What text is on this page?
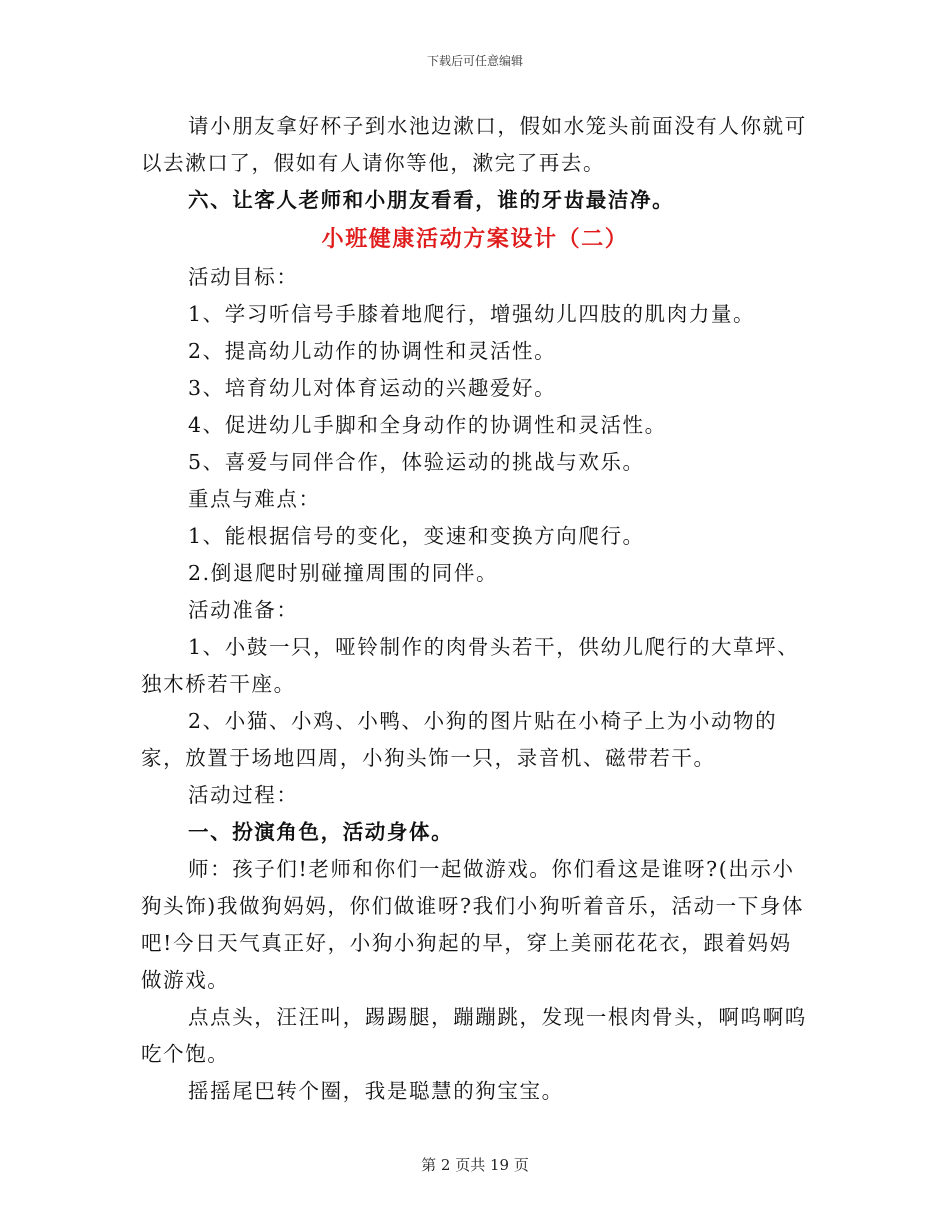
下载后可任意编辑

请小朋友拿好杯子到水池边漱口，假如水笼头前面没有人你就可以去漱口了，假如有人请你等他，漱完了再去。

六、让客人老师和小朋友看看，谁的牙齿最洁净。

小班健康活动方案设计（二）

活动目标：

1、学习听信号手膝着地爬行，增强幼儿四肢的肌肉力量。

2、提高幼儿动作的协调性和灵活性。

3、培育幼儿对体育运动的兴趣爱好。

4、促进幼儿手脚和全身动作的协调性和灵活性。

5、喜爱与同伴合作，体验运动的挑战与欢乐。

重点与难点：

1、能根据信号的变化，变速和变换方向爬行。

2.倒退爬时别碰撞周围的同伴。

活动准备：

1、小鼓一只，哑铃制作的肉骨头若干，供幼儿爬行的大草坪、独木桥若干座。

2、小猫、小鸡、小鸭、小狗的图片贴在小椅子上为小动物的家，放置于场地四周，小狗头饰一只，录音机、磁带若干。

活动过程：

一、扮演角色，活动身体。

师：孩子们!老师和你们一起做游戏。你们看这是谁呀?(出示小狗头饰)我做狗妈妈，你们做谁呀?我们小狗听着音乐，活动一下身体吧!今日天气真正好，小狗小狗起的早，穿上美丽花花衣，跟着妈妈做游戏。

点点头，汪汪叫，踢踢腿，蹦蹦跳，发现一根肉骨头，啊呜啊呜吃个饱。

摇摇尾巴转个圈，我是聪慧的狗宝宝。

第 2 页共 19 页
